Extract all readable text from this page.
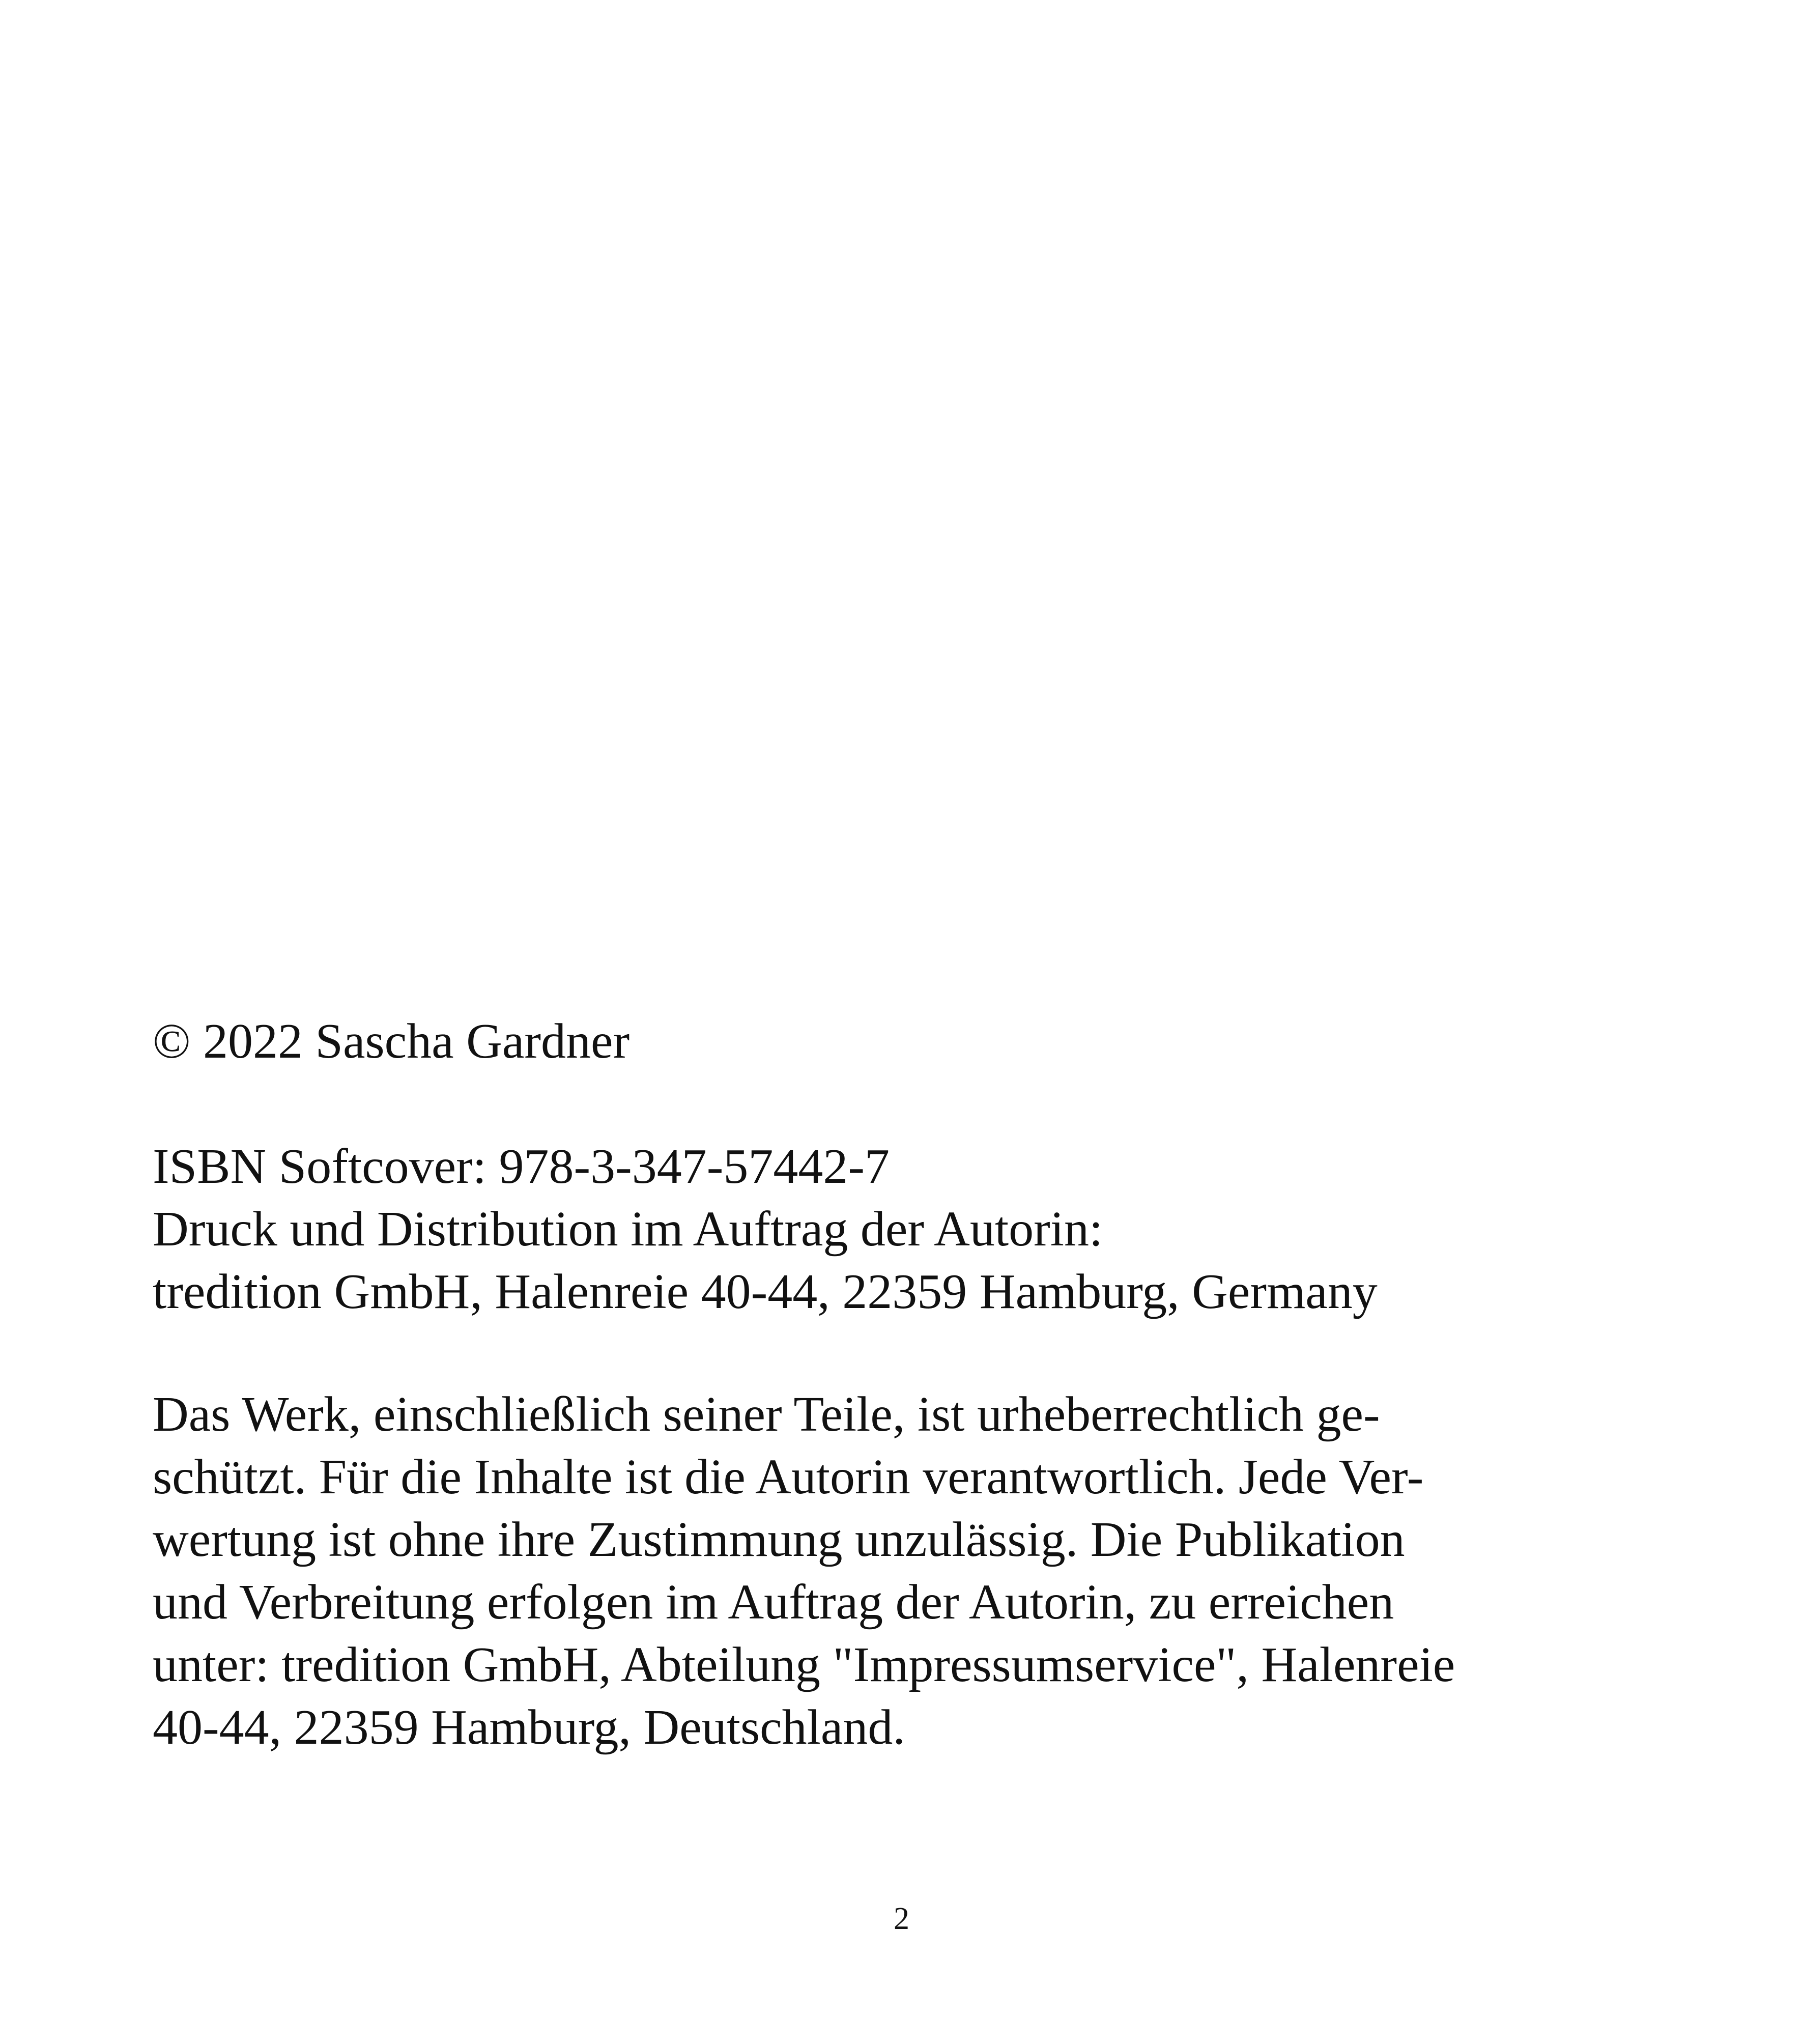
© 2022 Sascha Gardner
ISBN Softcover: 978-3-347-57442-7
Druck und Distribution im Auftrag der Autorin:
tredition GmbH, Halenreie 40-44, 22359 Hamburg, Germany
Das Werk, einschließlich seiner Teile, ist urheberrechtlich ge-
schützt. Für die Inhalte ist die Autorin verantwortlich. Jede Ver-
wertung ist ohne ihre Zustimmung unzulässig. Die Publikation
und Verbreitung erfolgen im Auftrag der Autorin, zu erreichen
unter: tredition GmbH, Abteilung "Impressumservice", Halenreie
40-44, 22359 Hamburg, Deutschland.
2
